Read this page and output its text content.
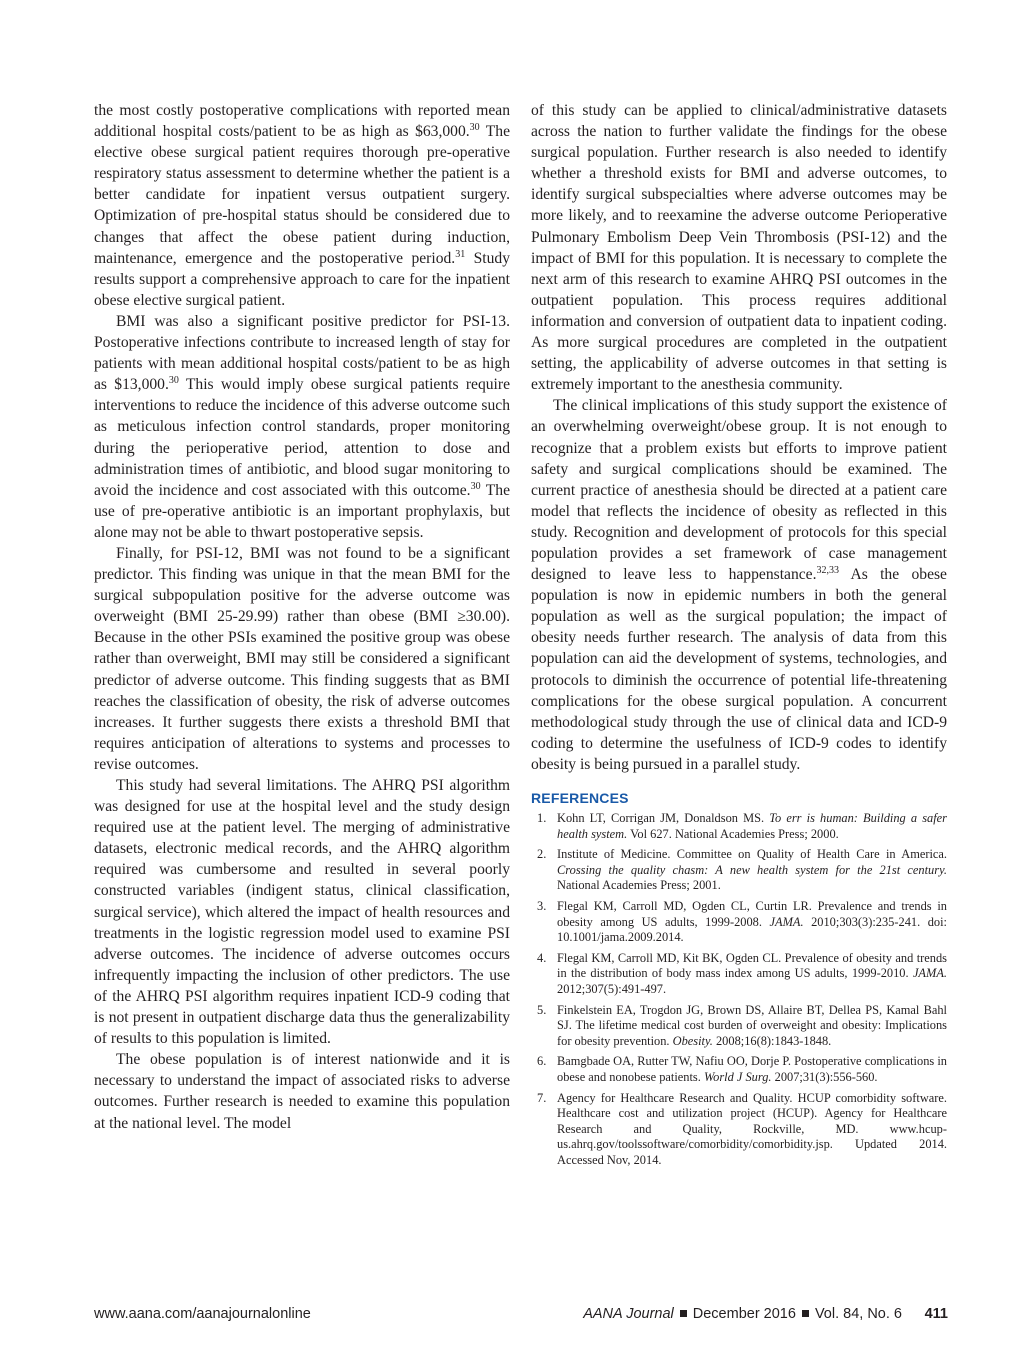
the most costly postoperative complications with reported mean additional hospital costs/patient to be as high as $63,000.30 The elective obese surgical patient requires thorough pre-operative respiratory status assessment to determine whether the patient is a better candidate for inpatient versus outpatient surgery. Optimization of pre-hospital status should be considered due to changes that affect the obese patient during induction, maintenance, emergence and the postoperative period.$^{31}$ Study results support a comprehensive approach to care for the inpatient obese elective surgical patient.

BMI was also a significant positive predictor for PSI-13. Postoperative infections contribute to increased length of stay for patients with mean additional hospital costs/patient to be as high as $13,000.30 This would imply obese surgical patients require interventions to reduce the incidence of this adverse outcome such as meticulous infection control standards, proper monitoring during the perioperative period, attention to dose and administration times of antibiotic, and blood sugar monitoring to avoid the incidence and cost associated with this outcome.$^{30}$ The use of pre-operative antibiotic is an important prophylaxis, but alone may not be able to thwart postoperative sepsis.

Finally, for PSI-12, BMI was not found to be a significant predictor. This finding was unique in that the mean BMI for the surgical subpopulation positive for the adverse outcome was overweight (BMI 25-29.99) rather than obese (BMI ≥30.00). Because in the other PSIs examined the positive group was obese rather than overweight, BMI may still be considered a significant predictor of adverse outcome. This finding suggests that as BMI reaches the classification of obesity, the risk of adverse outcomes increases. It further suggests there exists a threshold BMI that requires anticipation of alterations to systems and processes to revise outcomes.

This study had several limitations. The AHRQ PSI algorithm was designed for use at the hospital level and the study design required use at the patient level. The merging of administrative datasets, electronic medical records, and the AHRQ algorithm required was cumbersome and resulted in several poorly constructed variables (indigent status, clinical classification, surgical service), which altered the impact of health resources and treatments in the logistic regression model used to examine PSI adverse outcomes. The incidence of adverse outcomes occurs infrequently impacting the inclusion of other predictors. The use of the AHRQ PSI algorithm requires inpatient ICD-9 coding that is not present in outpatient discharge data thus the generalizability of results to this population is limited.

The obese population is of interest nationwide and it is necessary to understand the impact of associated risks to adverse outcomes. Further research is needed to examine this population at the national level. The model

of this study can be applied to clinical/administrative datasets across the nation to further validate the findings for the obese surgical population. Further research is also needed to identify whether a threshold exists for BMI and adverse outcomes, to identify surgical subspecialties where adverse outcomes may be more likely, and to reexamine the adverse outcome Perioperative Pulmonary Embolism Deep Vein Thrombosis (PSI-12) and the impact of BMI for this population. It is necessary to complete the next arm of this research to examine AHRQ PSI outcomes in the outpatient population. This process requires additional information and conversion of outpatient data to inpatient coding. As more surgical procedures are completed in the outpatient setting, the applicability of adverse outcomes in that setting is extremely important to the anesthesia community.

The clinical implications of this study support the existence of an overwhelming overweight/obese group. It is not enough to recognize that a problem exists but efforts to improve patient safety and surgical complications should be examined. The current practice of anesthesia should be directed at a patient care model that reflects the incidence of obesity as reflected in this study. Recognition and development of protocols for this special population provides a set framework of case management designed to leave less to happenstance.$^{32,33}$ As the obese population is now in epidemic numbers in both the general population as well as the surgical population; the impact of obesity needs further research. The analysis of data from this population can aid the development of systems, technologies, and protocols to diminish the occurrence of potential life-threatening complications for the obese surgical population. A concurrent methodological study through the use of clinical data and ICD-9 coding to determine the usefulness of ICD-9 codes to identify obesity is being pursued in a parallel study.

REFERENCES
1. Kohn LT, Corrigan JM, Donaldson MS. To err is human: Building a safer health system. Vol 627. National Academies Press; 2000.
2. Institute of Medicine. Committee on Quality of Health Care in America. Crossing the quality chasm: A new health system for the 21st century. National Academies Press; 2001.
3. Flegal KM, Carroll MD, Ogden CL, Curtin LR. Prevalence and trends in obesity among US adults, 1999-2008. JAMA. 2010;303(3):235-241. doi: 10.1001/jama.2009.2014.
4. Flegal KM, Carroll MD, Kit BK, Ogden CL. Prevalence of obesity and trends in the distribution of body mass index among US adults, 1999-2010. JAMA. 2012;307(5):491-497.
5. Finkelstein EA, Trogdon JG, Brown DS, Allaire BT, Dellea PS, Kamal Bahl SJ. The lifetime medical cost burden of overweight and obesity: Implications for obesity prevention. Obesity. 2008;16(8):1843-1848.
6. Bamgbade OA, Rutter TW, Nafiu OO, Dorje P. Postoperative complications in obese and nonobese patients. World J Surg. 2007;31(3):556-560.
7. Agency for Healthcare Research and Quality. HCUP comorbidity software. Healthcare cost and utilization project (HCUP). Agency for Healthcare Research and Quality, Rockville, MD. www.hcup-us.ahrq.gov/toolssoftware/comorbidity/comorbidity.jsp. Updated 2014. Accessed Nov, 2014.
www.aana.com/aanajournalonline	AANA Journal December 2016 Vol. 84, No. 6 411
